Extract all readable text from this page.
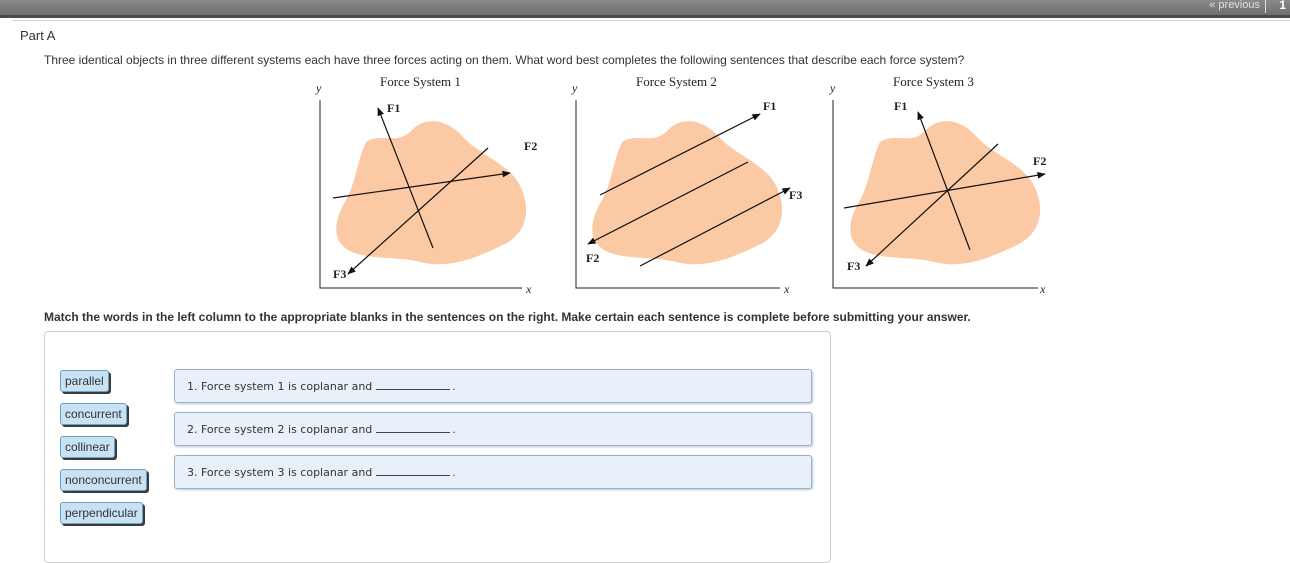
« previous 1
Part A
Three identical objects in three different systems each have three forces acting on them. What word best completes the following sentences that describe each force system?
Force System 1
y
x
F1
F2
F3
Force System 2
y
x
F1
F2
F3
Force System 3
y
x
F1
F2
F3
Match the words in the left column to the appropriate blanks in the sentences on the right. Make certain each sentence is complete before submitting your answer.
parallel
concurrent
collinear
nonconcurrent
perpendicular
1. Force system 1 is coplanar and	.
2. Force system 2 is coplanar and	.
3. Force system 3 is coplanar and	.
